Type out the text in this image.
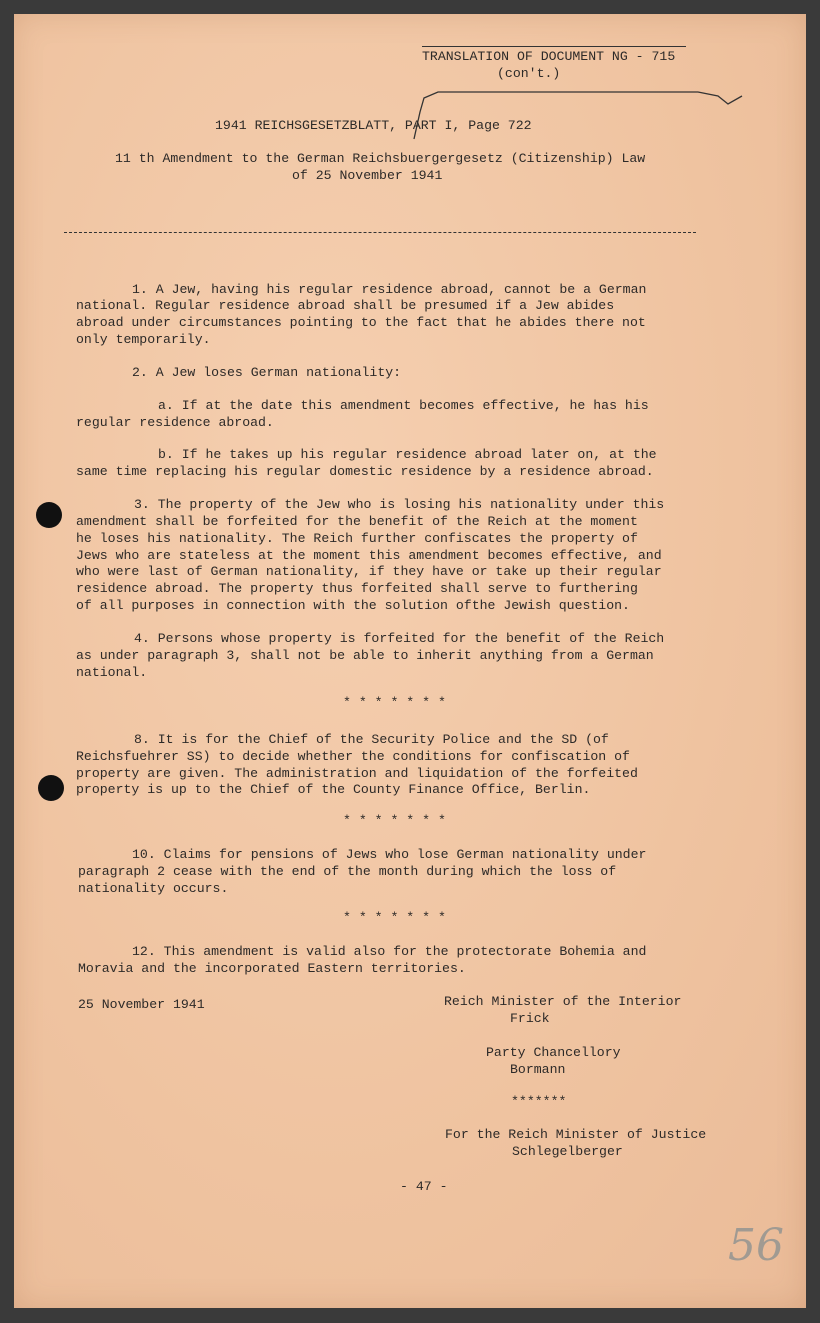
TRANSLATION OF DOCUMENT NG - 715
(con't.)
1941 REICHSGESETZBLATT, PART I, Page 722
11 th Amendment to the German Reichsbuergergesetz (Citizenship) Law
of 25 November 1941
1. A Jew, having his regular residence abroad, cannot be a German
national. Regular residence abroad shall be presumed if a Jew abides
abroad under circumstances pointing to the fact that he abides there not
only temporarily.
2. A Jew loses German nationality:
a. If at the date this amendment becomes effective, he has his
regular residence abroad.
b. If he takes up his regular residence abroad later on, at the
same time replacing his regular domestic residence by a residence abroad.
3. The property of the Jew who is losing his nationality under this
amendment shall be forfeited for the benefit of the Reich at the moment
he loses his nationality. The Reich further confiscates the property of
Jews who are stateless at the moment this amendment becomes effective, and
who were last of German nationality, if they have or take up their regular
residence abroad. The property thus forfeited shall serve to furthering
of all purposes in connection with the solution ofthe Jewish question.
4. Persons whose property is forfeited for the benefit of the Reich
as under paragraph 3, shall not be able to inherit anything from a German
national.
* * * * * * *
8. It is for the Chief of the Security Police and the SD (of
Reichsfuehrer SS) to decide whether the conditions for confiscation of
property are given. The administration and liquidation of the forfeited
property is up to the Chief of the County Finance Office, Berlin.
* * * * * * *
10. Claims for pensions of Jews who lose German nationality under
paragraph 2 cease with the end of the month during which the loss of
nationality occurs.
* * * * * * *
12. This amendment is valid also for the protectorate Bohemia and
Moravia and the incorporated Eastern territories.
25 November 1941	Reich Minister of the Interior
Frick
Party Chancellory
Bormann
*******
For the Reich Minister of Justice
Schlegelberger
- 47 -
56
